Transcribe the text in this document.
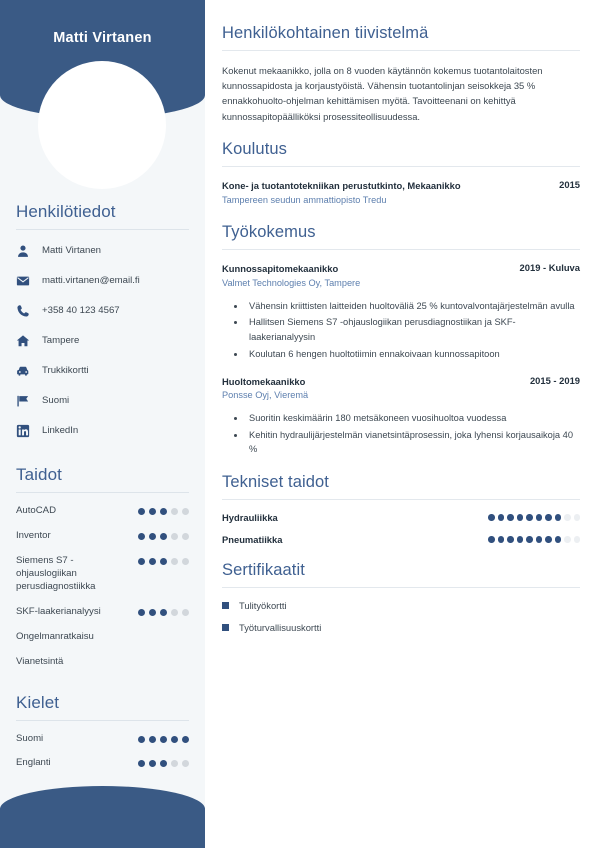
Matti Virtanen
Henkilötiedot
Matti Virtanen
matti.virtanen@email.fi
+358 40 123 4567
Tampere
Trukkikortti
Suomi
LinkedIn
Taidot
AutoCAD
Inventor
Siemens S7 -ohjauslogiikan perusdiagnostiikka
SKF-laakerianalyysi
Ongelmanratkaisu
Vianetsintä
Kielet
Suomi
Englanti
Henkilökohtainen tiivistelmä

Kokenut mekaanikko, jolla on 8 vuoden käytännön kokemus tuotantolaitosten kunnossapidosta ja korjaustyöistä. Vähensin tuotantolinjan seisokkeja 35 % ennakkohuolto-ohjelman kehittämisen myötä. Tavoitteenani on kehittyä kunnossapitopäälliköksi prosessiteollisuudessa.

Koulutus
Kone- ja tuotantotekniikan perustutkinto, Mekaanikko	2015
Tampereen seudun ammattiopisto Tredu
Työkokemus
Kunnossapitomekaanikko	2019 - Kuluva
Valmet Technologies Oy, Tampere
• Vähensin kriittisten laitteiden huoltoväliä 25 % kuntovalvontajärjestelmän avulla
• Hallitsen Siemens S7 -ohjauslogiikan perusdiagnostiikan ja SKF-laakerianalyysin
• Koulutan 6 hengen huoltotiimin ennakoivaan kunnossapitoon
Huoltomekaanikko	2015 - 2019
Ponsse Oyj, Vieremä
• Suoritin keskimäärin 180 metsäkoneen vuosihuoltoa vuodessa
• Kehitin hydraulijärjestelmän vianetsintäprosessin, joka lyhensi korjausaikoja 40 %
Tekniset taidot
Hydrauliikka
Pneumatiikka
Sertifikaatit
Tulityökortti
Työturvallisuuskortti
